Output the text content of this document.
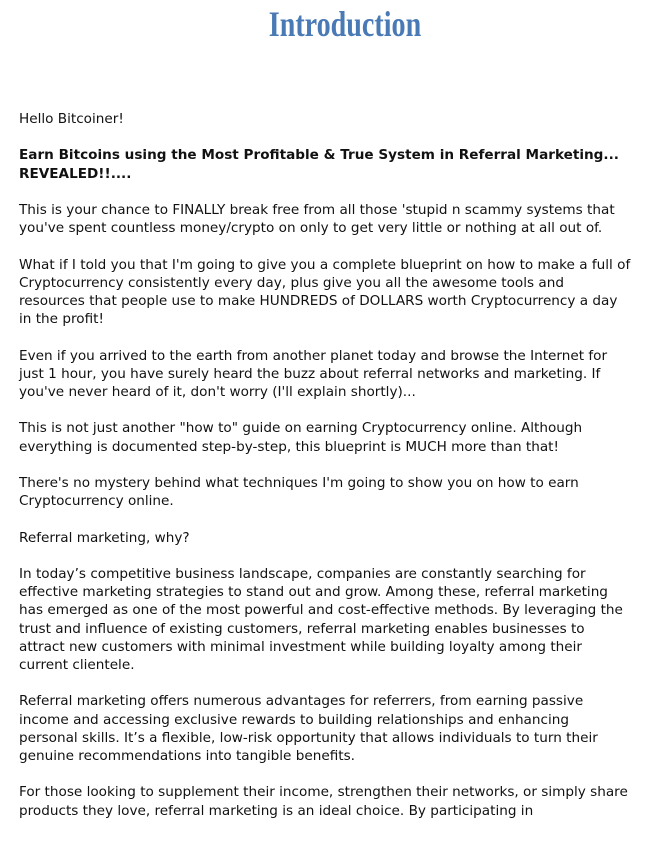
Introduction

Hello Bitcoiner!

Earn Bitcoins using the Most Profitable & True System in Referral Marketing... REVEALED!!....

This is your chance to FINALLY break free from all those 'stupid n scammy systems that you've spent countless money/crypto on only to get very little or nothing at all out of.

What if I told you that I'm going to give you a complete blueprint on how to make a full of Cryptocurrency consistently every day, plus give you all the awesome tools and resources that people use to make HUNDREDS of DOLLARS worth Cryptocurrency a day in the profit!

Even if you arrived to the earth from another planet today and browse the Internet for just 1 hour, you have surely heard the buzz about referral networks and marketing. If you've never heard of it, don't worry (I'll explain shortly)...

This is not just another "how to" guide on earning Cryptocurrency online. Although everything is documented step-by-step, this blueprint is MUCH more than that!

There's no mystery behind what techniques I'm going to show you on how to earn Cryptocurrency online.

Referral marketing, why?

In today’s competitive business landscape, companies are constantly searching for effective marketing strategies to stand out and grow. Among these, referral marketing has emerged as one of the most powerful and cost-effective methods. By leveraging the trust and influence of existing customers, referral marketing enables businesses to attract new customers with minimal investment while building loyalty among their current clientele.

Referral marketing offers numerous advantages for referrers, from earning passive income and accessing exclusive rewards to building relationships and enhancing personal skills. It’s a flexible, low-risk opportunity that allows individuals to turn their genuine recommendations into tangible benefits.

For those looking to supplement their income, strengthen their networks, or simply share products they love, referral marketing is an ideal choice. By participating in
